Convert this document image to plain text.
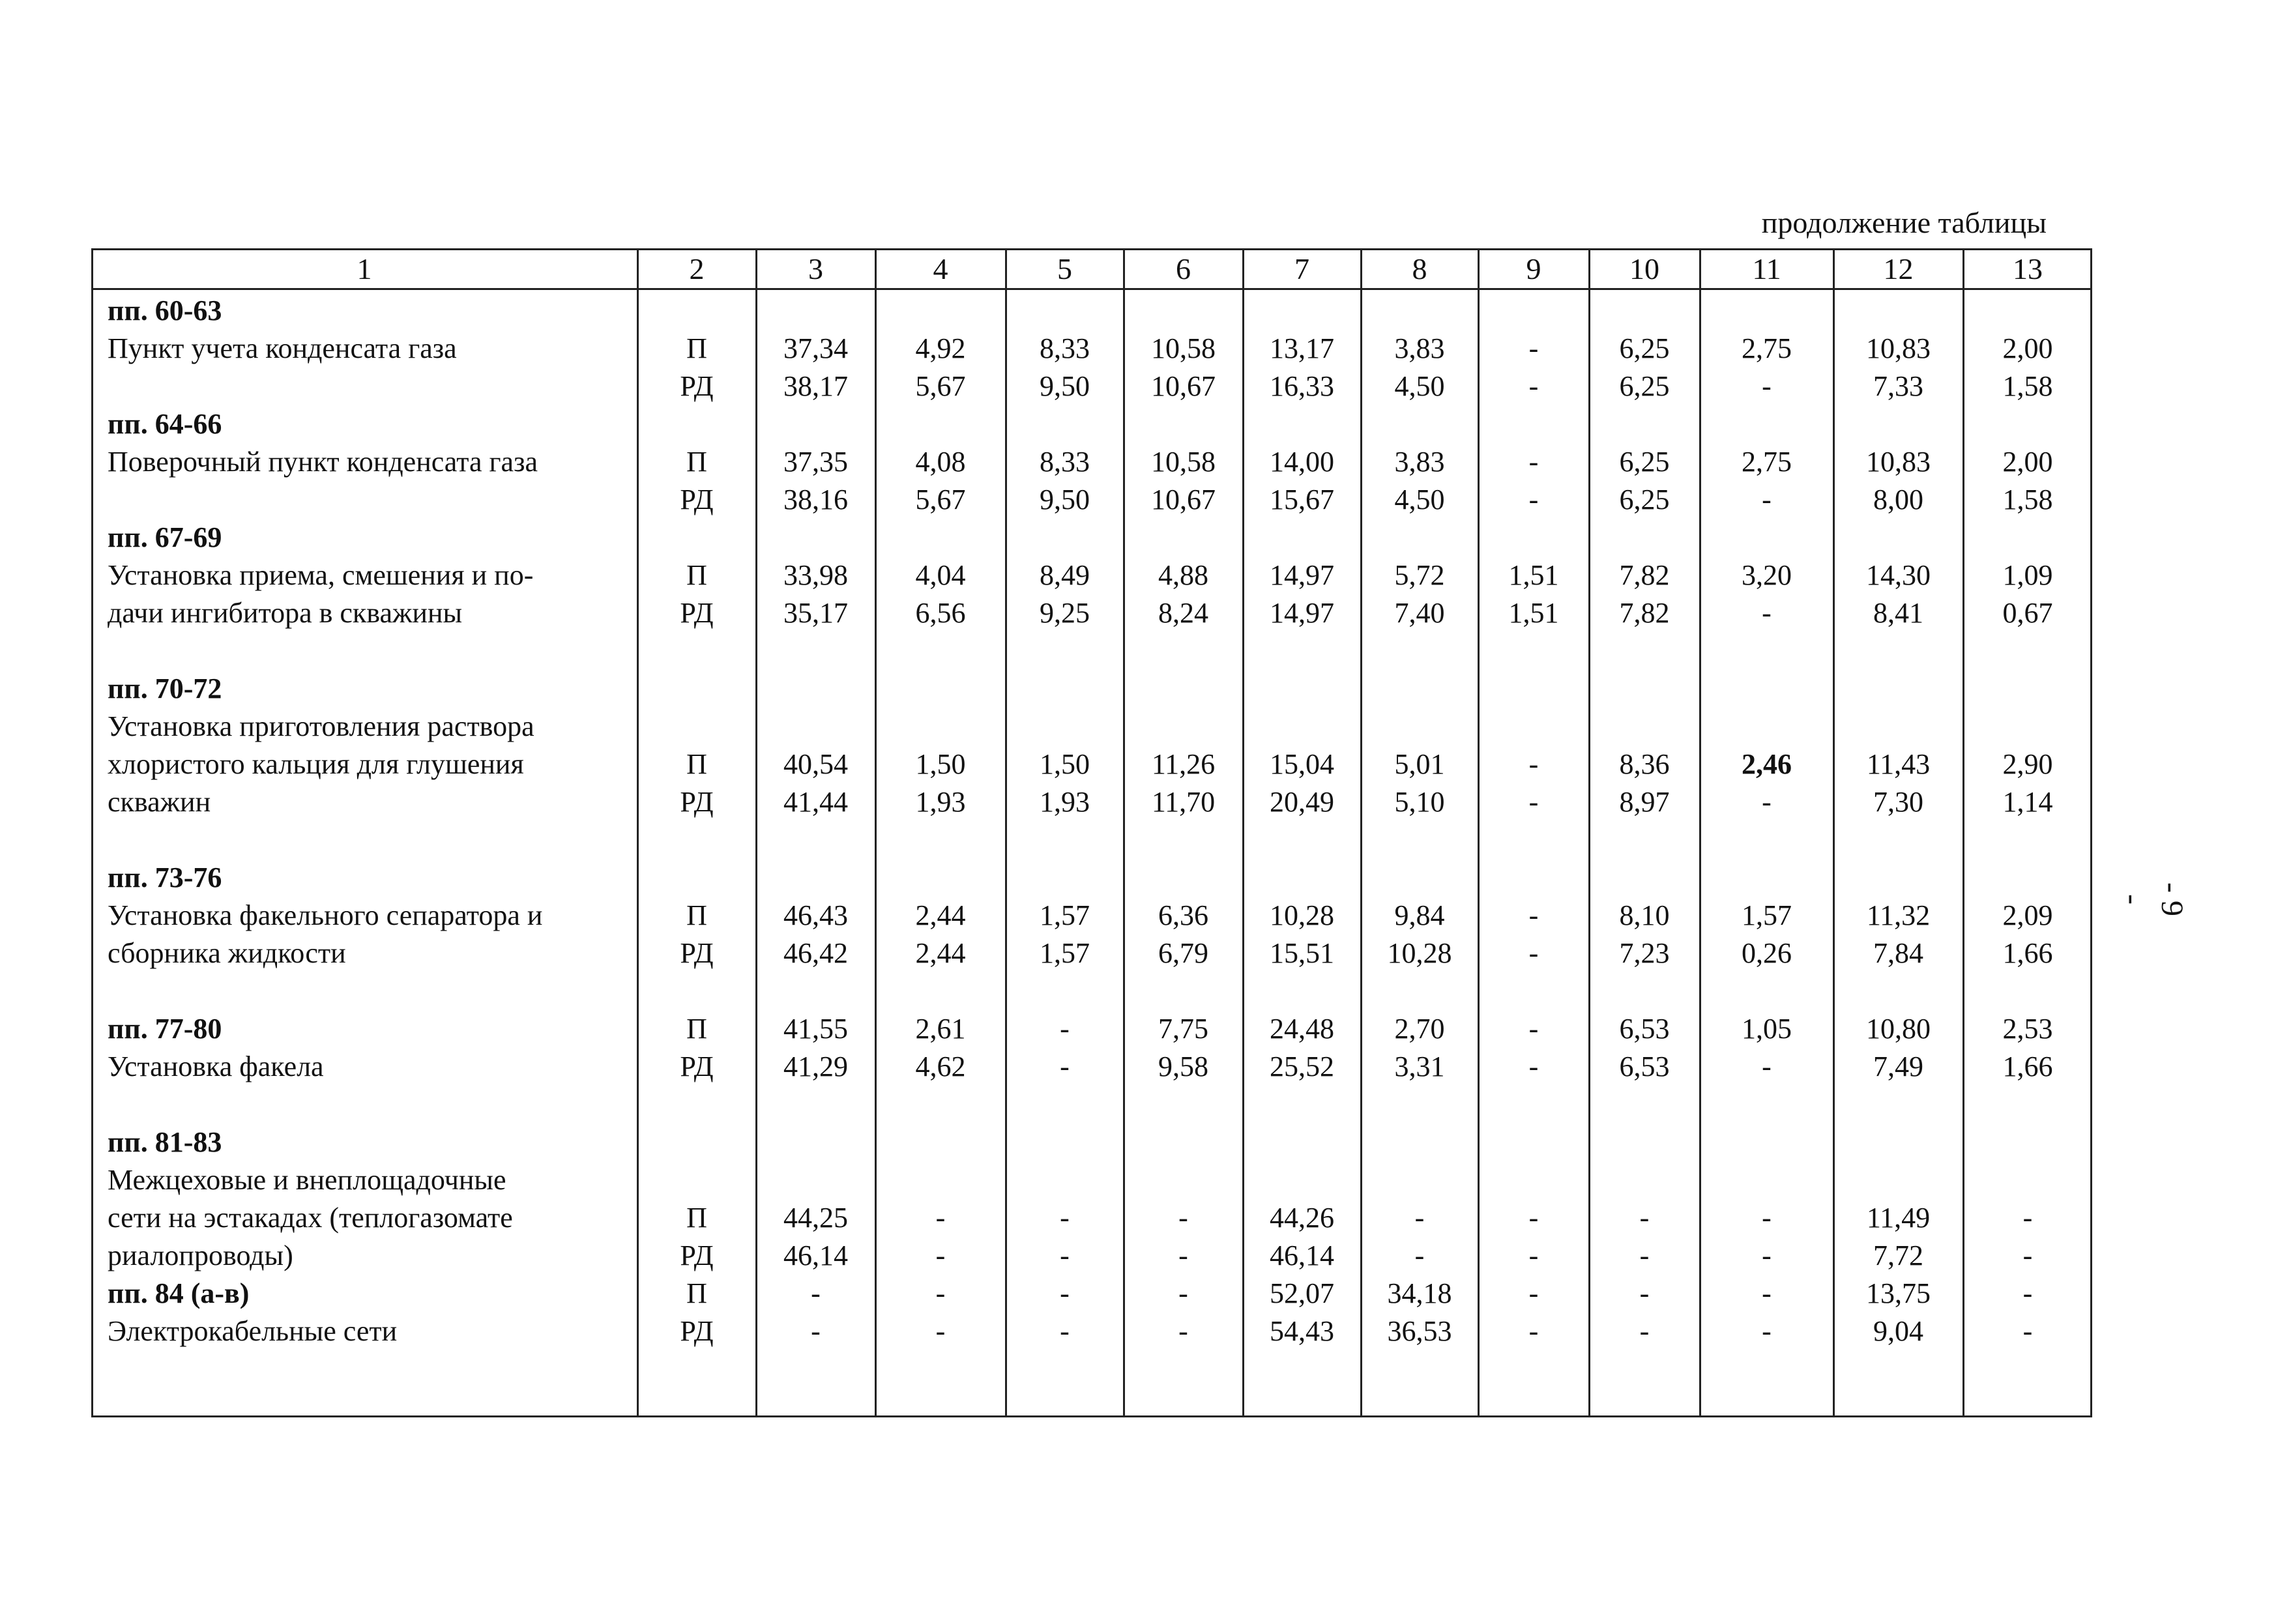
продолжение таблицы
1	2	3	4	5	6	7	8	9	10	11	12	13
пп. 60-63
Пункт учета конденсата газа	П	37,34	4,92	8,33	10,58	13,17	3,83	-	6,25	2,75	10,83	2,00
РД	38,17	5,67	9,50	10,67	16,33	4,50	-	6,25	-	7,33	1,58
пп. 64-66
Поверочный пункт конденсата газа	П	37,35	4,08	8,33	10,58	14,00	3,83	-	6,25	2,75	10,83	2,00
РД	38,16	5,67	9,50	10,67	15,67	4,50	-	6,25	-	8,00	1,58
пп. 67-69
Установка приема, смешения и по-
дачи ингибитора в скважины
П	33,98	4,04	8,49	4,88	14,97	5,72	1,51	7,82	3,20	14,30	1,09
РД	35,17	6,56	9,25	8,24	14,97	7,40	1,51	7,82	-	8,41	0,67
пп. 70-72
Установка приготовления раствора
хлористого кальция для глушения
скважин
П	40,54	1,50	1,50	11,26	15,04	5,01	-	8,36	2,46	11,43	2,90
РД	41,44	1,93	1,93	11,70	20,49	5,10	-	8,97	-	7,30	1,14
пп. 73-76
Установка факельного сепаратора и
сборника жидкости
П	46,43	2,44	1,57	6,36	10,28	9,84	-	8,10	1,57	11,32	2,09
РД	46,42	2,44	1,57	6,79	15,51	10,28	-	7,23	0,26	7,84	1,66
пп. 77-80
Установка факела
П	41,55	2,61	-	7,75	24,48	2,70	-	6,53	1,05	10,80	2,53
РД	41,29	4,62	-	9,58	25,52	3,31	-	6,53	-	7,49	1,66
пп. 81-83
Межцеховые и внеплощадочные
сети на эстакадах (теплогазомате
риалопроводы)
П	44,25	-	-	-	44,26	-	-	-	-	11,49	-
РД	46,14	-	-	-	46,14	-	-	-	-	7,72	-
пп. 84 (а-в)
Электрокабельные сети
П	-	-	-	-	52,07	34,18	-	-	-	13,75	-
РД	-	-	-	-	54,43	36,53	-	-	-	9,04	-
- 9 -
